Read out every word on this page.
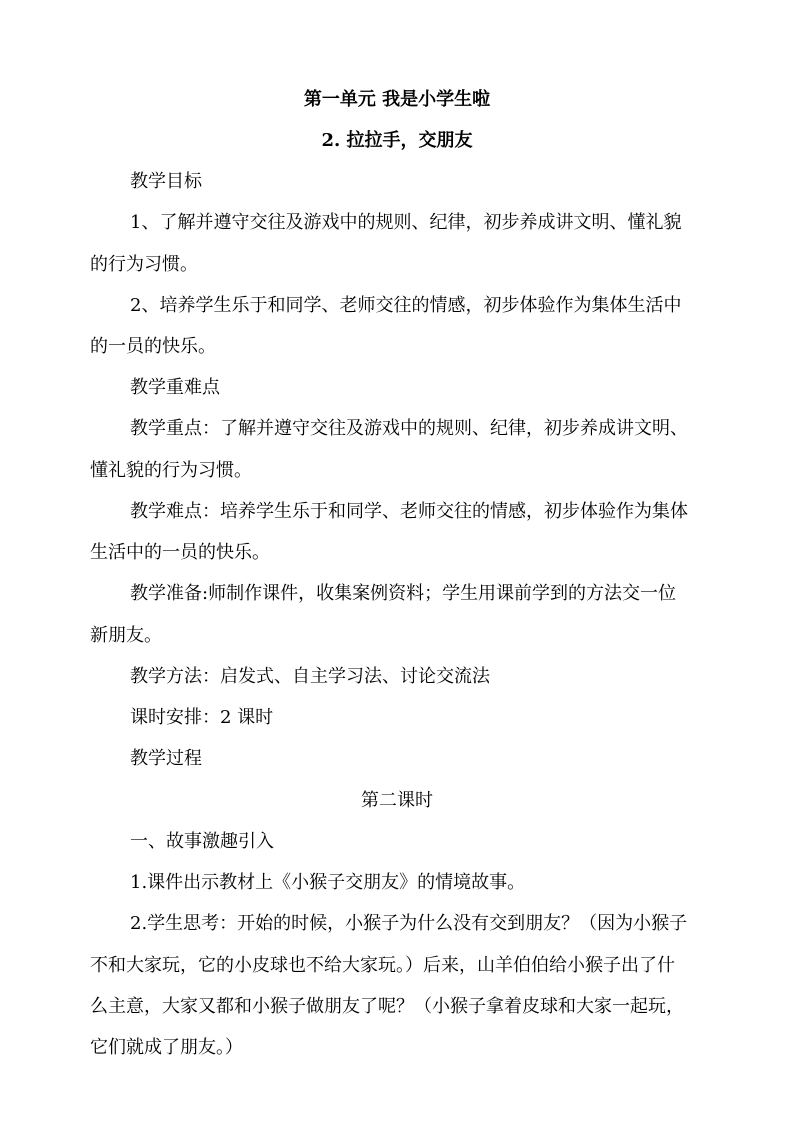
第一单元 我是小学生啦
2. 拉拉手，交朋友
教学目标
1、了解并遵守交往及游戏中的规则、纪律，初步养成讲文明、懂礼貌
的行为习惯。
2、培养学生乐于和同学、老师交往的情感，初步体验作为集体生活中
的一员的快乐。
教学重难点
教学重点：了解并遵守交往及游戏中的规则、纪律，初步养成讲文明、
懂礼貌的行为习惯。
教学难点：培养学生乐于和同学、老师交往的情感，初步体验作为集体
生活中的一员的快乐。
教学准备:师制作课件，收集案例资料；学生用课前学到的方法交一位
新朋友。
教学方法：启发式、自主学习法、讨论交流法
课时安排：2 课时
教学过程
第二课时
一、故事激趣引入
1.课件出示教材上《小猴子交朋友》的情境故事。
2.学生思考：开始的时候，小猴子为什么没有交到朋友？（因为小猴子
不和大家玩，它的小皮球也不给大家玩。）后来，山羊伯伯给小猴子出了什
么主意，大家又都和小猴子做朋友了呢？（小猴子拿着皮球和大家一起玩，
它们就成了朋友。）
